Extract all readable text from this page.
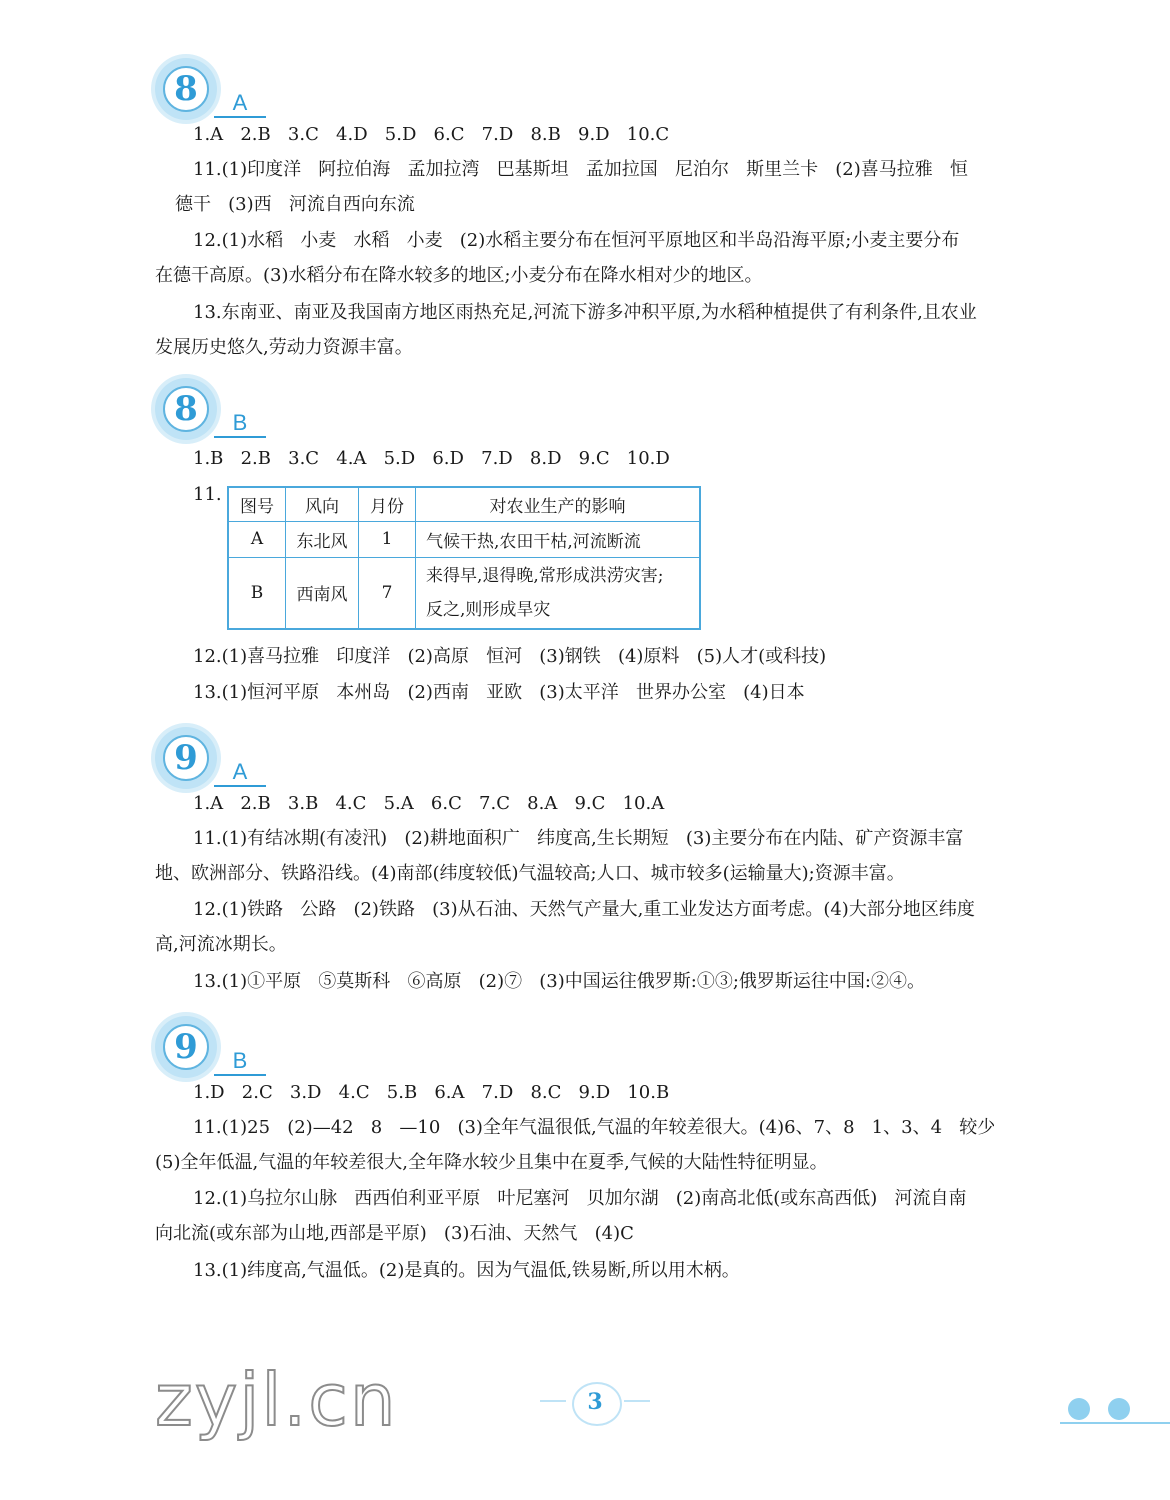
8	A
1.A   2.B   3.C   4.D   5.D   6.C   7.D   8.B   9.D   10.C
11.(1)印度洋   阿拉伯海   孟加拉湾   巴基斯坦   孟加拉国   尼泊尔   斯里兰卡   (2)喜马拉雅   恒
德干   (3)西   河流自西向东流
12.(1)水稻   小麦   水稻   小麦   (2)水稻主要分布在恒河平原地区和半岛沿海平原;小麦主要分布
在德干高原。(3)水稻分布在降水较多的地区;小麦分布在降水相对少的地区。
13.东南亚、南亚及我国南方地区雨热充足,河流下游多冲积平原,为水稻种植提供了有利条件,且农业
发展历史悠久,劳动力资源丰富。
8	B
1.B   2.B   3.C   4.A   5.D   6.D   7.D   8.D   9.C   10.D
11.
图号	风向	月份	对农业生产的影响
A	东北风	1	气候干热,农田干枯,河流断流
B	西南风	7	来得早,退得晚,常形成洪涝灾害;
反之,则形成旱灾
12.(1)喜马拉雅   印度洋   (2)高原   恒河   (3)钢铁   (4)原料   (5)人才(或科技)
13.(1)恒河平原   本州岛   (2)西南   亚欧   (3)太平洋   世界办公室   (4)日本
9	A
1.A   2.B   3.B   4.C   5.A   6.C   7.C   8.A   9.C   10.A
11.(1)有结冰期(有凌汛)   (2)耕地面积广   纬度高,生长期短   (3)主要分布在内陆、矿产资源丰富
地、欧洲部分、铁路沿线。(4)南部(纬度较低)气温较高;人口、城市较多(运输量大);资源丰富。
12.(1)铁路   公路   (2)铁路   (3)从石油、天然气产量大,重工业发达方面考虑。(4)大部分地区纬度
高,河流冰期长。
13.(1)①平原   ⑤莫斯科   ⑥高原   (2)⑦   (3)中国运往俄罗斯:①③;俄罗斯运往中国:②④。
9	B
1.D   2.C   3.D   4.C   5.B   6.A   7.D   8.C   9.D   10.B
11.(1)25   (2)—42   8   —10   (3)全年气温很低,气温的年较差很大。(4)6、7、8   1、3、4   较少
(5)全年低温,气温的年较差很大,全年降水较少且集中在夏季,气候的大陆性特征明显。
12.(1)乌拉尔山脉   西西伯利亚平原   叶尼塞河   贝加尔湖   (2)南高北低(或东高西低)   河流自南
向北流(或东部为山地,西部是平原)   (3)石油、天然气   (4)C
13.(1)纬度高,气温低。(2)是真的。因为气温低,铁易断,所以用木柄。
zyjl.cn	3
